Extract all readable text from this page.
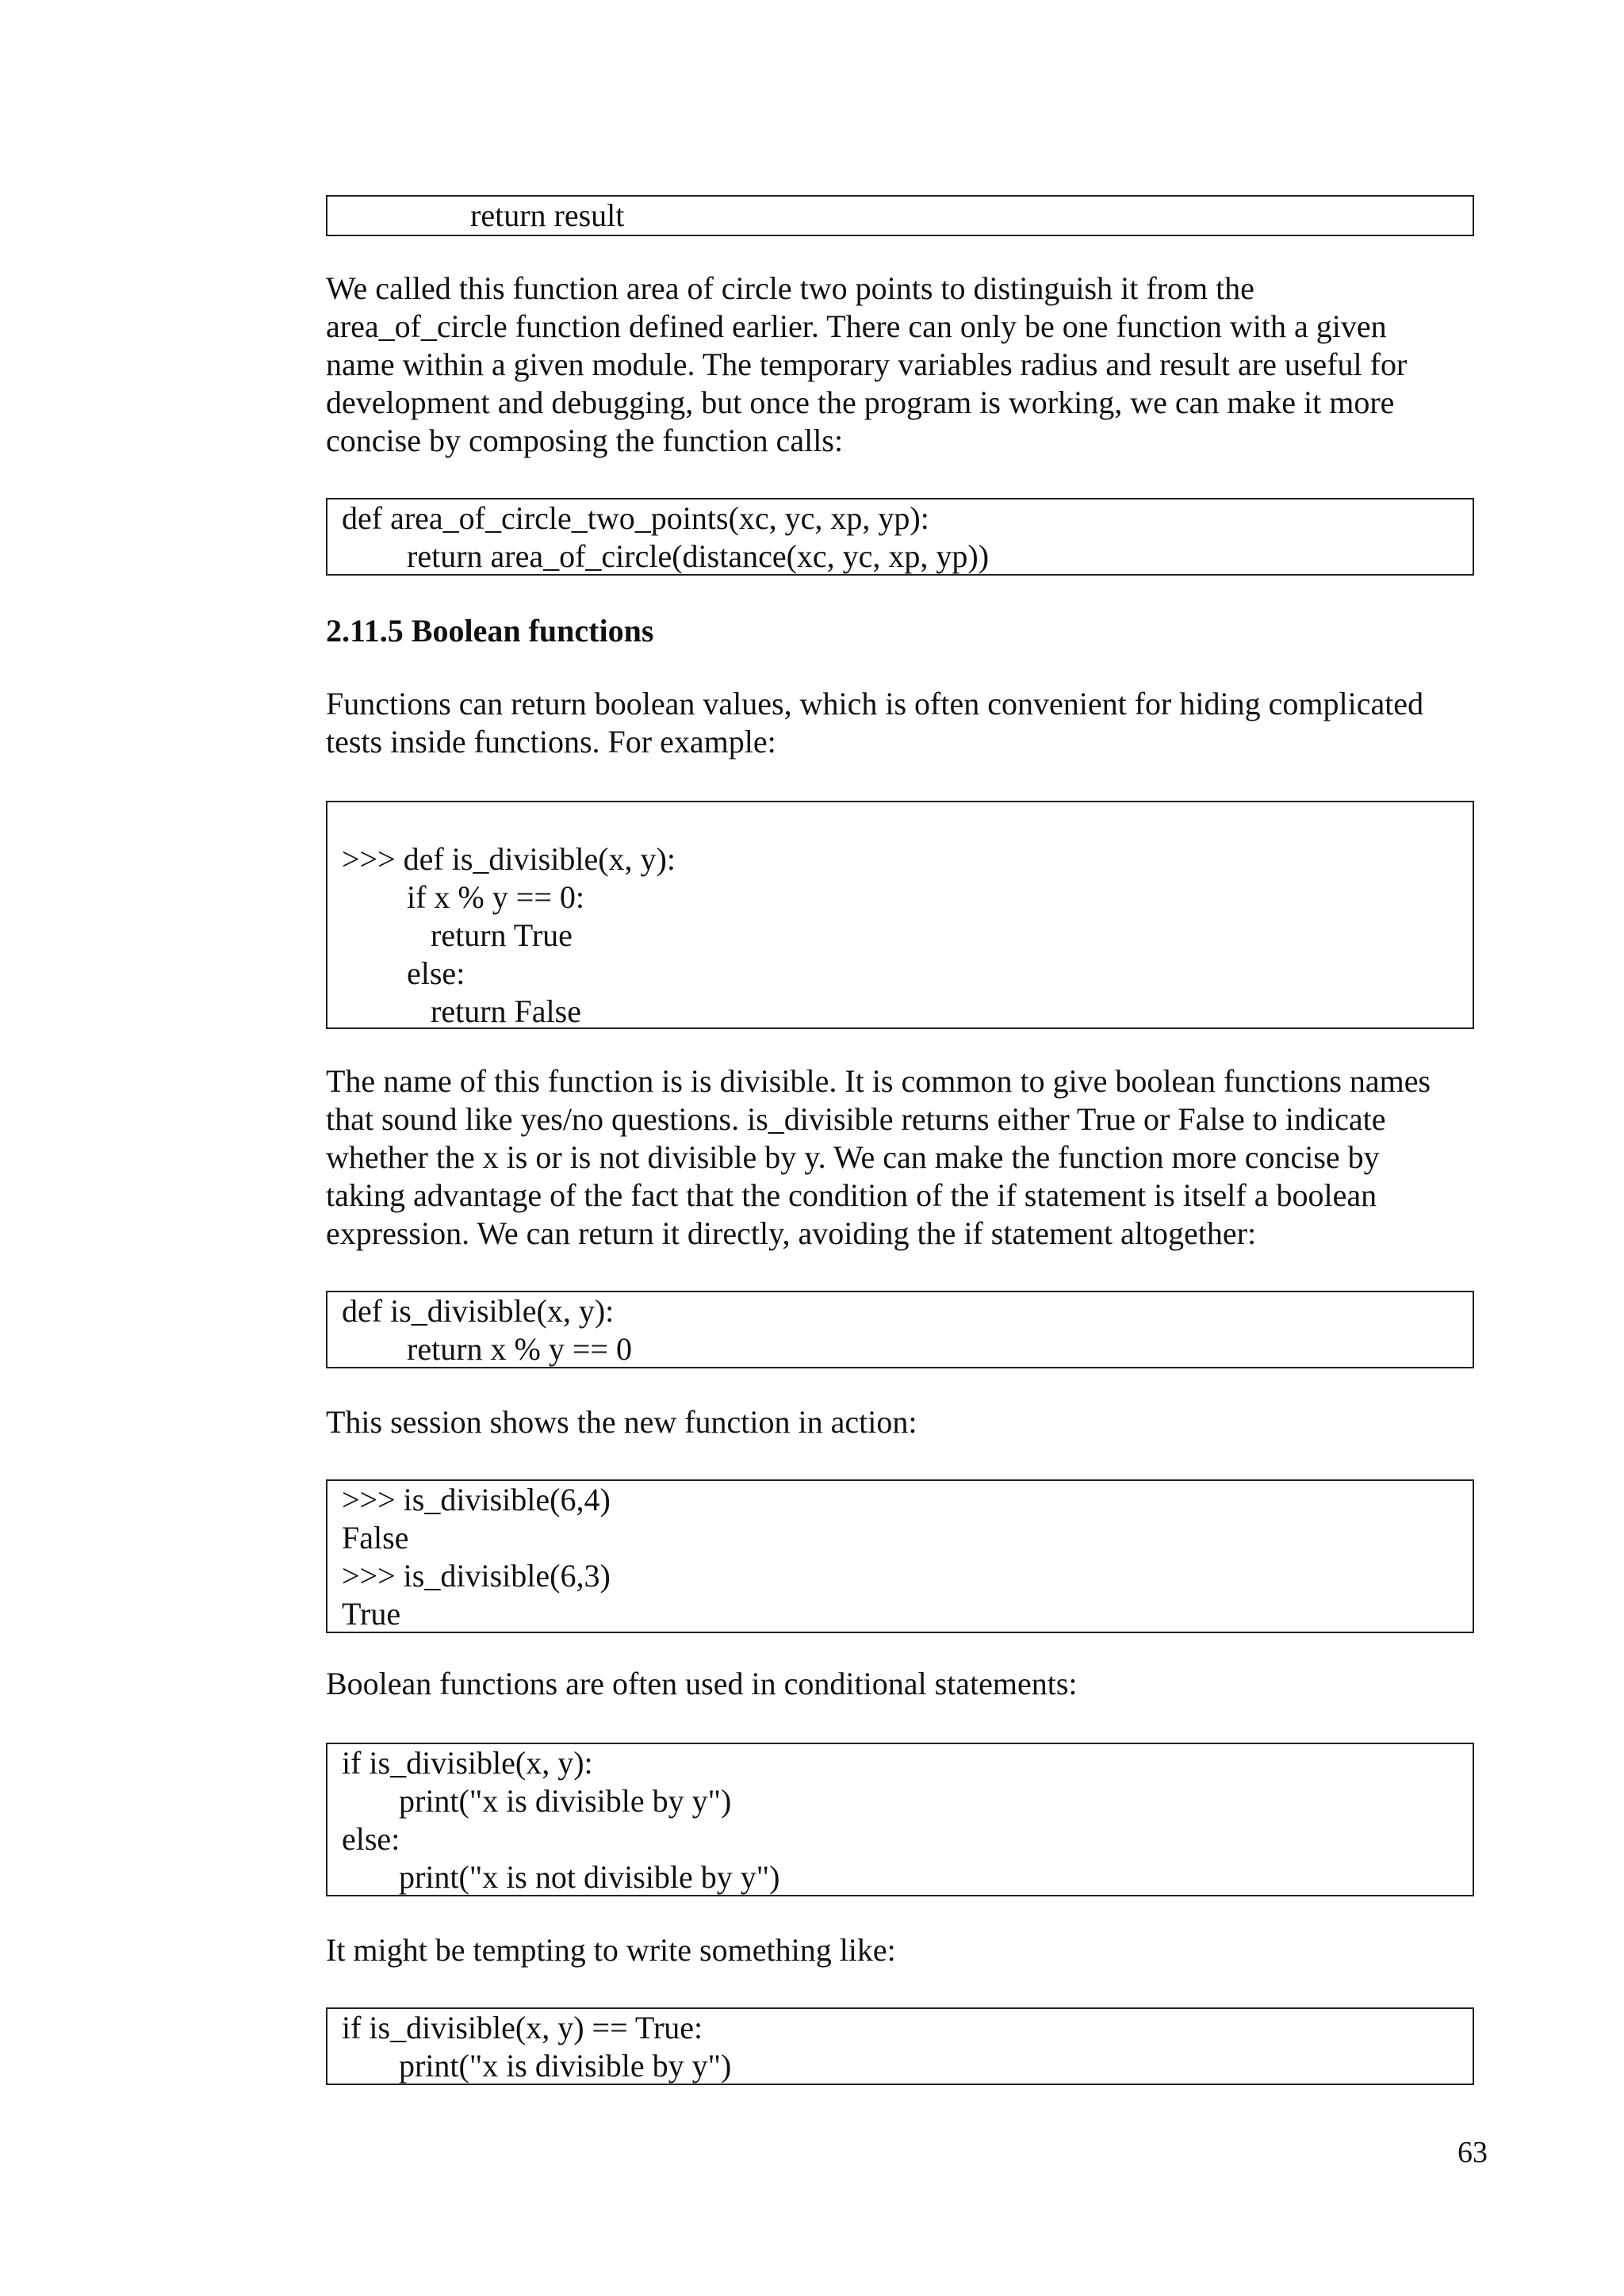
return result
We called this function area of circle two points to distinguish it from the
area_of_circle function defined earlier. There can only be one function with a given
name within a given module. The temporary variables radius and result are useful for
development and debugging, but once the program is working, we can make it more
concise by composing the function calls:
def area_of_circle_two_points(xc, yc, xp, yp):
return area_of_circle(distance(xc, yc, xp, yp))
2.11.5 Boolean functions
Functions can return boolean values, which is often convenient for hiding complicated
tests inside functions. For example:
>>> def is_divisible(x, y):
if x % y == 0:
return True
else:
return False
The name of this function is is divisible. It is common to give boolean functions names
that sound like yes/no questions. is_divisible returns either True or False to indicate
whether the x is or is not divisible by y. We can make the function more concise by
taking advantage of the fact that the condition of the if statement is itself a boolean
expression. We can return it directly, avoiding the if statement altogether:
def is_divisible(x, y):
return x % y == 0
This session shows the new function in action:
>>> is_divisible(6,4)
False
>>> is_divisible(6,3)
True
Boolean functions are often used in conditional statements:
if is_divisible(x, y):
print("x is divisible by y")
else:
print("x is not divisible by y")
It might be tempting to write something like:
if is_divisible(x, y) == True:
print("x is divisible by y")
63
